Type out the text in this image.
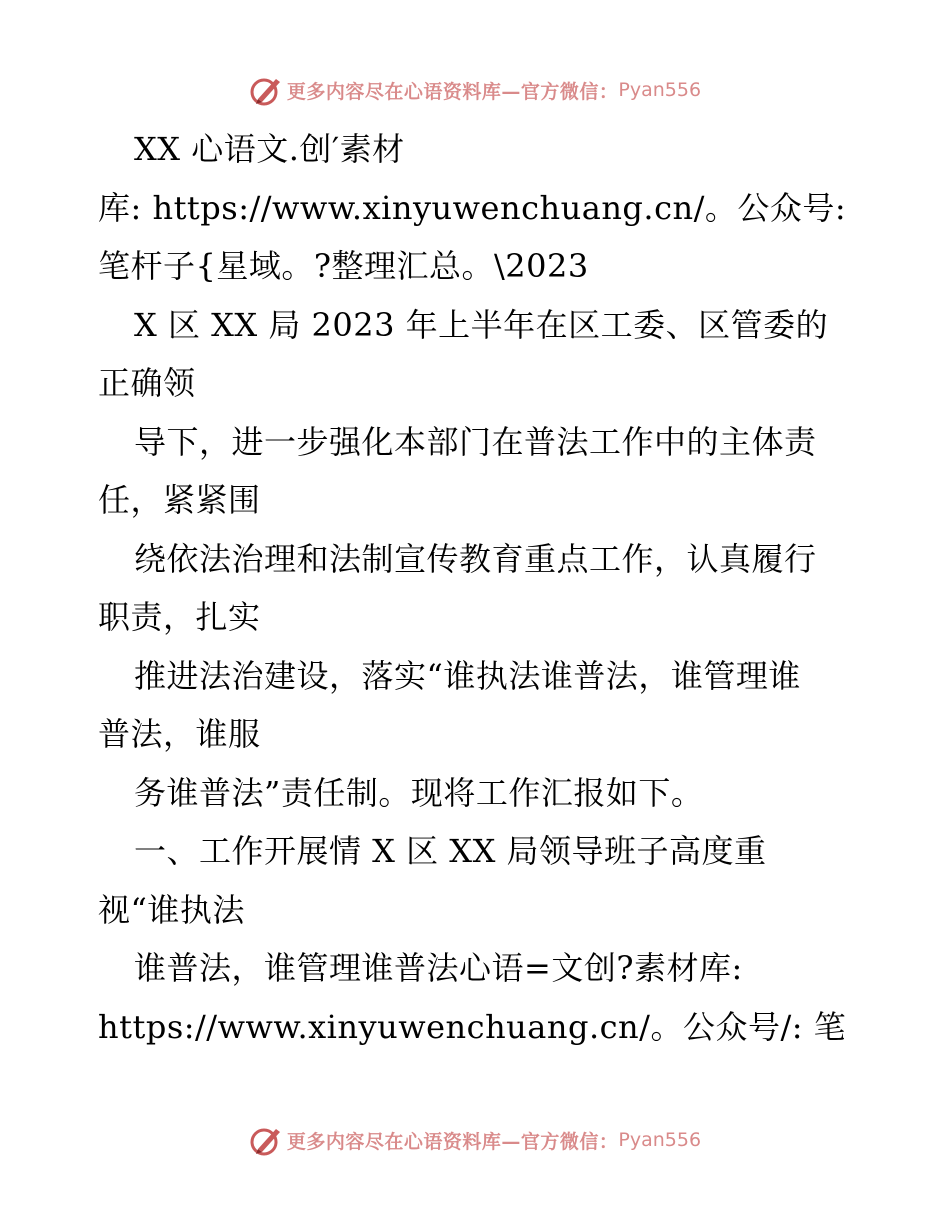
更多内容尽在心语资料库—官方微信： Pyan556
XX 心语文.创′素材
库: https://www.xinyuwenchuang.cn/。公众号:
笔杆子{星域。?整理汇总。\2023
X 区 XX 局 2023 年上半年在区工委、区管委的
正确领
导下，进一步强化本部门在普法工作中的主体责
任，紧紧围
绕依法治理和法制宣传教育重点工作，认真履行
职责，扎实
推进法治建设，落实“谁执法谁普法，谁管理谁
普法，谁服
务谁普法”责任制。现将工作汇报如下。
一、工作开展情 X 区 XX 局领导班子高度重
视“谁执法
谁普法，谁管理谁普法心语=文创?素材库:
https://www.xinyuwenchuang.cn/。公众号/: 笔
更多内容尽在心语资料库—官方微信： Pyan556
